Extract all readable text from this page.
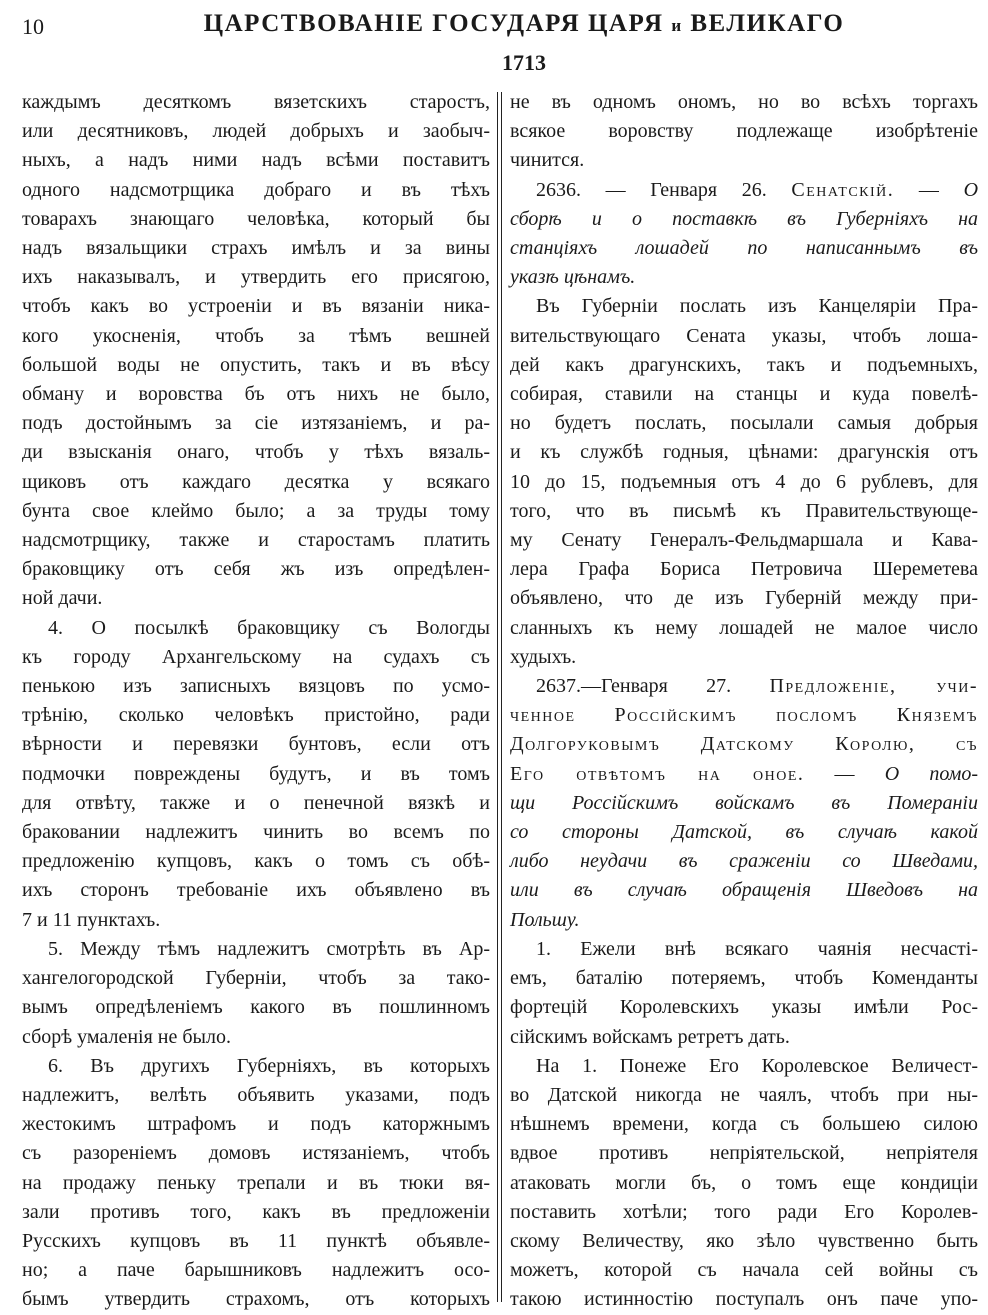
10	ЦАРСТВОВАНІЕ ГОСУДАРЯ ЦАРЯ и ВЕЛИКАГО
1713
каждымъ десяткомъ вязетскихъ старостъ,
или десятниковъ, людей добрыхъ и заобыч-
ныхъ, а надъ ними надъ всѣми поставитъ
одного надсмотрщика добраго и въ тѣхъ
товарахъ знающаго человѣка, который бы
надъ вязальщики страхъ имѣлъ и за вины
ихъ наказывалъ, и утвердить его присягою,
чтобъ какъ во устроеніи и въ вязаніи ника-
кого укосненія, чтобъ за тѣмъ вешней
большой воды не опустить, такъ и въ вѣсу
обману и воровства бъ отъ нихъ не было,
подъ достойнымъ за сіе изтязаніемъ, и ра-
ди взысканія онаго, чтобъ у тѣхъ вязаль-
щиковъ отъ каждаго десятка у всякаго
бунта свое клеймо было; а за труды тому
надсмотрщику, также и старостамъ платить
браковщику отъ себя жъ изъ опредѣлен-
ной дачи.
4. О посылкѣ браковщику съ Вологды
къ городу Архангельскому на судахъ съ
пенькою изъ записныхъ вязцовъ по усмо-
трѣнію, сколько человѣкъ пристойно, ради
вѣрности и перевязки бунтовъ, если отъ
подмочки повреждены будутъ, и въ томъ
для отвѣту, также и о пенечной вязкѣ и
браковании надлежитъ чинить во всемъ по
предложенію купцовъ, какъ о томъ съ обѣ-
ихъ сторонъ требованіе ихъ объявлено въ
7 и 11 пунктахъ.
5. Между тѣмъ надлежитъ смотрѣть въ Ар-
хангелогородской Губерніи, чтобъ за тако-
вымъ опредѣленіемъ какого въ пошлинномъ
сборѣ умаленія не было.
6. Въ другихъ Губерніяхъ, въ которыхъ
надлежитъ, велѣть объявить указами, подъ
жестокимъ штрафомъ и подъ каторжнымъ
съ разореніемъ домовъ истязаніемъ, чтобъ
на продажу пеньку трепали и въ тюки вя-
зали противъ того, какъ въ предложеніи
Русскихъ купцовъ въ 11 пунктѣ объявле-
но; а паче барышниковъ надлежитъ осо-
бымъ утвердить страхомъ, отъ которыхъ
не въ одномъ ономъ, но во всѣхъ торгахъ
всякое воровству подлежаще изобрѣтеніе
чинится.
2636. — Генваря 26. Сенатскій. — О
сборѣ и о поставкѣ въ Губерніяхъ на
станціяхъ лошадей по написаннымъ въ
указѣ цѣнамъ.
Въ Губерніи послать изъ Канцеляріи Пра-
вительствующаго Сената указы, чтобъ лоша-
дей какъ драгунскихъ, такъ и подъемныхъ,
собирая, ставили на станцы и куда повелѣ-
но будетъ послать, посылали самыя добрыя
и къ службѣ годныя, цѣнами: драгунскія отъ
10 до 15, подъемныя отъ 4 до 6 рублевъ, для
того, что въ письмѣ къ Правительствующе-
му Сенату Генералъ-Фельдмаршала и Кава-
лера Графа Бориса Петровича Шереметева
объявлено, что де изъ Губерній между при-
сланныхъ къ нему лошадей не малое число
худыхъ.
2637.—Генваря 27. Предложеніе, учи-
ченное Россійскимъ посломъ Княземъ
Долгоруковымъ Датскому Королю, съ
Его отвѣтомъ на оное. — О помо-
щи Россійскимъ войскамъ въ Помераніи
со стороны Датской, въ случаѣ какой
либо неудачи въ сраженіи со Шведами,
или въ случаѣ обращенія Шведовъ на
Польшу.
1. Ежели внѣ всякаго чаянія несчасті-
емъ, баталію потеряемъ, чтобъ Коменданты
фортецій Королевскихъ указы имѣли Рос-
сійскимъ войскамъ ретретъ дать.
На 1. Понеже Его Королевское Величест-
во Датской никогда не чаялъ, чтобъ при ны-
нѣшнемъ времени, когда съ большею силою
вдвое противъ непріятельской, непріятеля
атаковать могли бъ, о томъ еще кондиціи
поставить хотѣли; того ради Его Королев-
скому Величеству, яко зѣло чувственно быть
можетъ, которой съ начала сей войны съ
такою истинностію поступалъ онъ паче упо-
